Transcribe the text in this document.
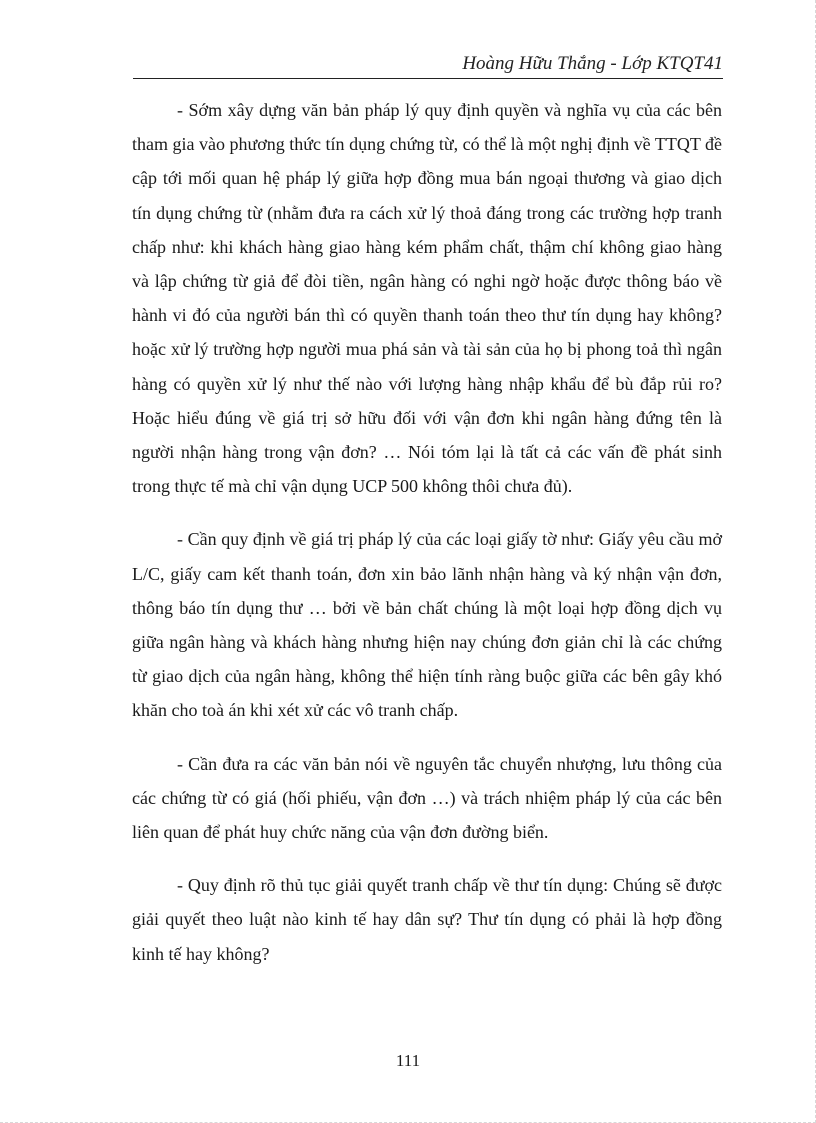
Hoàng Hữu Thắng - Lớp KTQT41

- Sớm xây dựng văn bản pháp lý quy định quyền và nghĩa vụ của các bên tham gia vào phương thức tín dụng chứng từ, có thể là một nghị định về TTQT đề cập tới mối quan hệ pháp lý giữa hợp đồng mua bán ngoại thương và giao dịch tín dụng chứng từ (nhằm đưa ra cách xử lý thoả đáng trong các trường hợp tranh chấp như: khi khách hàng giao hàng kém phẩm chất, thậm chí không giao hàng và lập chứng từ giả để đòi tiền, ngân hàng có nghi ngờ hoặc được thông báo về hành vi đó của người bán thì có quyền thanh toán theo thư tín dụng hay không? hoặc xử lý trường hợp người mua phá sản và tài sản của họ bị phong toả thì ngân hàng có quyền xử lý như thế nào với lượng hàng nhập khẩu để bù đắp rủi ro? Hoặc hiểu đúng về giá trị sở hữu đối với vận đơn khi ngân hàng đứng tên là người nhận hàng trong vận đơn? … Nói tóm lại là tất cả các vấn đề phát sinh trong thực tế mà chỉ vận dụng UCP 500 không thôi chưa đủ).

- Cần quy định về giá trị pháp lý của các loại giấy tờ như: Giấy yêu cầu mở L/C, giấy cam kết thanh toán, đơn xin bảo lãnh nhận hàng và ký nhận vận đơn, thông báo tín dụng thư … bởi về bản chất chúng là một loại hợp đồng dịch vụ giữa ngân hàng và khách hàng nhưng hiện nay chúng đơn giản chỉ là các chứng từ giao dịch của ngân hàng, không thể hiện tính ràng buộc giữa các bên gây khó khăn cho toà án khi xét xử các vô tranh chấp.

- Cần đưa ra các văn bản nói về nguyên tắc chuyển nhượng, lưu thông của các chứng từ có giá (hối phiếu, vận đơn …) và trách nhiệm pháp lý của các bên liên quan để phát huy chức năng của vận đơn đường biển.

- Quy định rõ thủ tục giải quyết tranh chấp về thư tín dụng: Chúng sẽ được giải quyết theo luật nào kinh tế hay dân sự? Thư tín dụng có phải là hợp đồng kinh tế hay không?

111
